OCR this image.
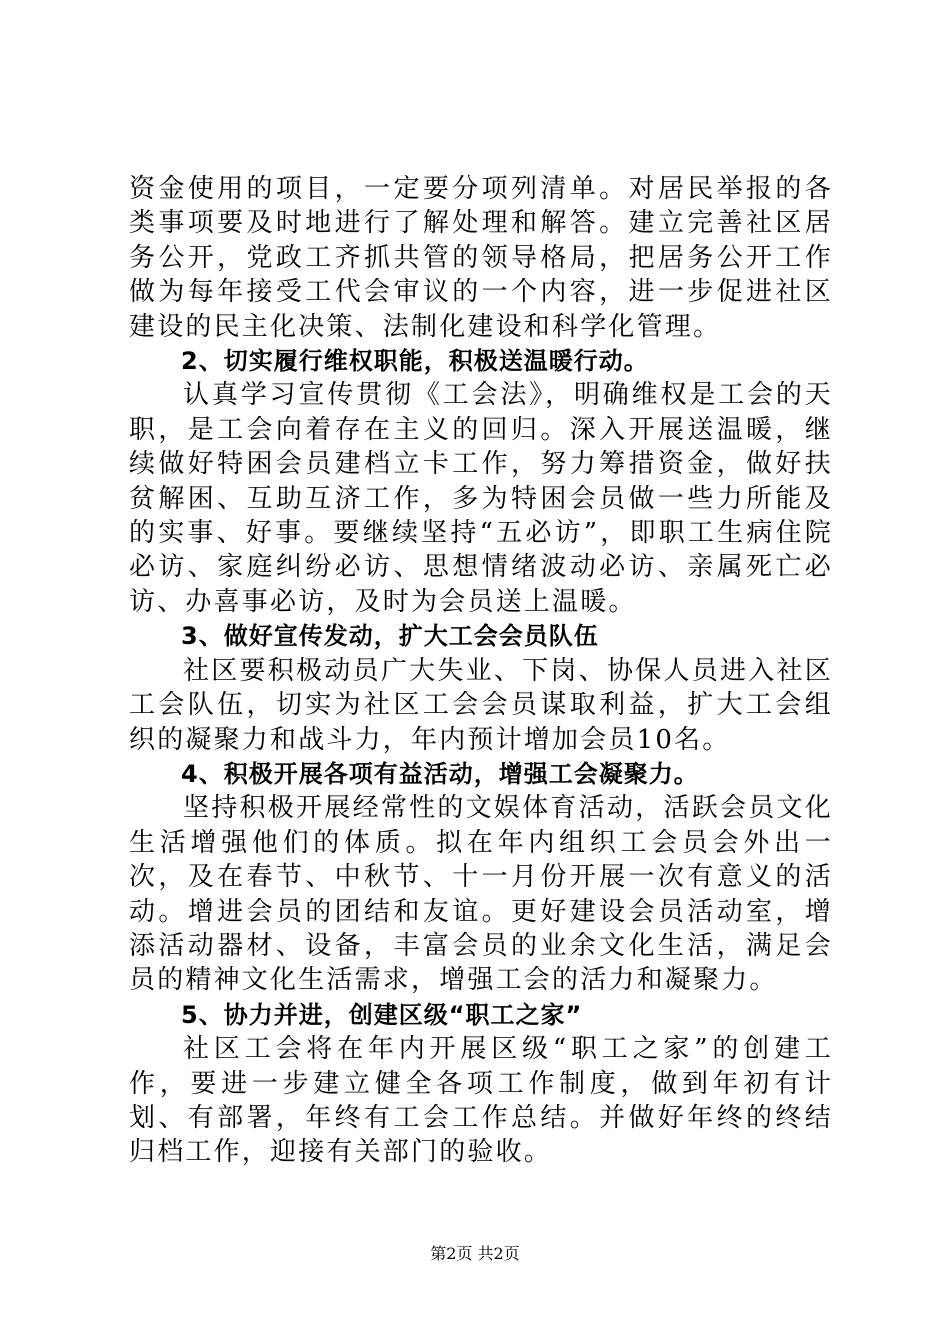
资金使用的项目，一定要分项列清单。对居民举报的各类事项要及时地进行了解处理和解答。建立完善社区居务公开，党政工齐抓共管的领导格局，把居务公开工作做为每年接受工代会审议的一个内容，进一步促进社区建设的民主化决策、法制化建设和科学化管理。

2、切实履行维权职能，积极送温暖行动。

认真学习宣传贯彻《工会法》，明确维权是工会的天职，是工会向着存在主义的回归。深入开展送温暖，继续做好特困会员建档立卡工作，努力筹措资金，做好扶贫解困、互助互济工作，多为特困会员做一些力所能及的实事、好事。要继续坚持“五必访”，即职工生病住院必访、家庭纠纷必访、思想情绪波动必访、亲属死亡必访、办喜事必访，及时为会员送上温暖。

3、做好宣传发动，扩大工会会员队伍

社区要积极动员广大失业、下岗、协保人员进入社区工会队伍，切实为社区工会会员谋取利益，扩大工会组织的凝聚力和战斗力，年内预计增加会员10名。

4、积极开展各项有益活动，增强工会凝聚力。

坚持积极开展经常性的文娱体育活动，活跃会员文化生活增强他们的体质。拟在年内组织工会员会外出一次，及在春节、中秋节、十一月份开展一次有意义的活动。增进会员的团结和友谊。更好建设会员活动室，增添活动器材、设备，丰富会员的业余文化生活，满足会员的精神文化生活需求，增强工会的活力和凝聚力。

5、协力并进，创建区级“职工之家”

社区工会将在年内开展区级“职工之家”的创建工作，要进一步建立健全各项工作制度，做到年初有计划、有部署，年终有工会工作总结。并做好年终的终结归档工作，迎接有关部门的验收。

第2页 共2页
